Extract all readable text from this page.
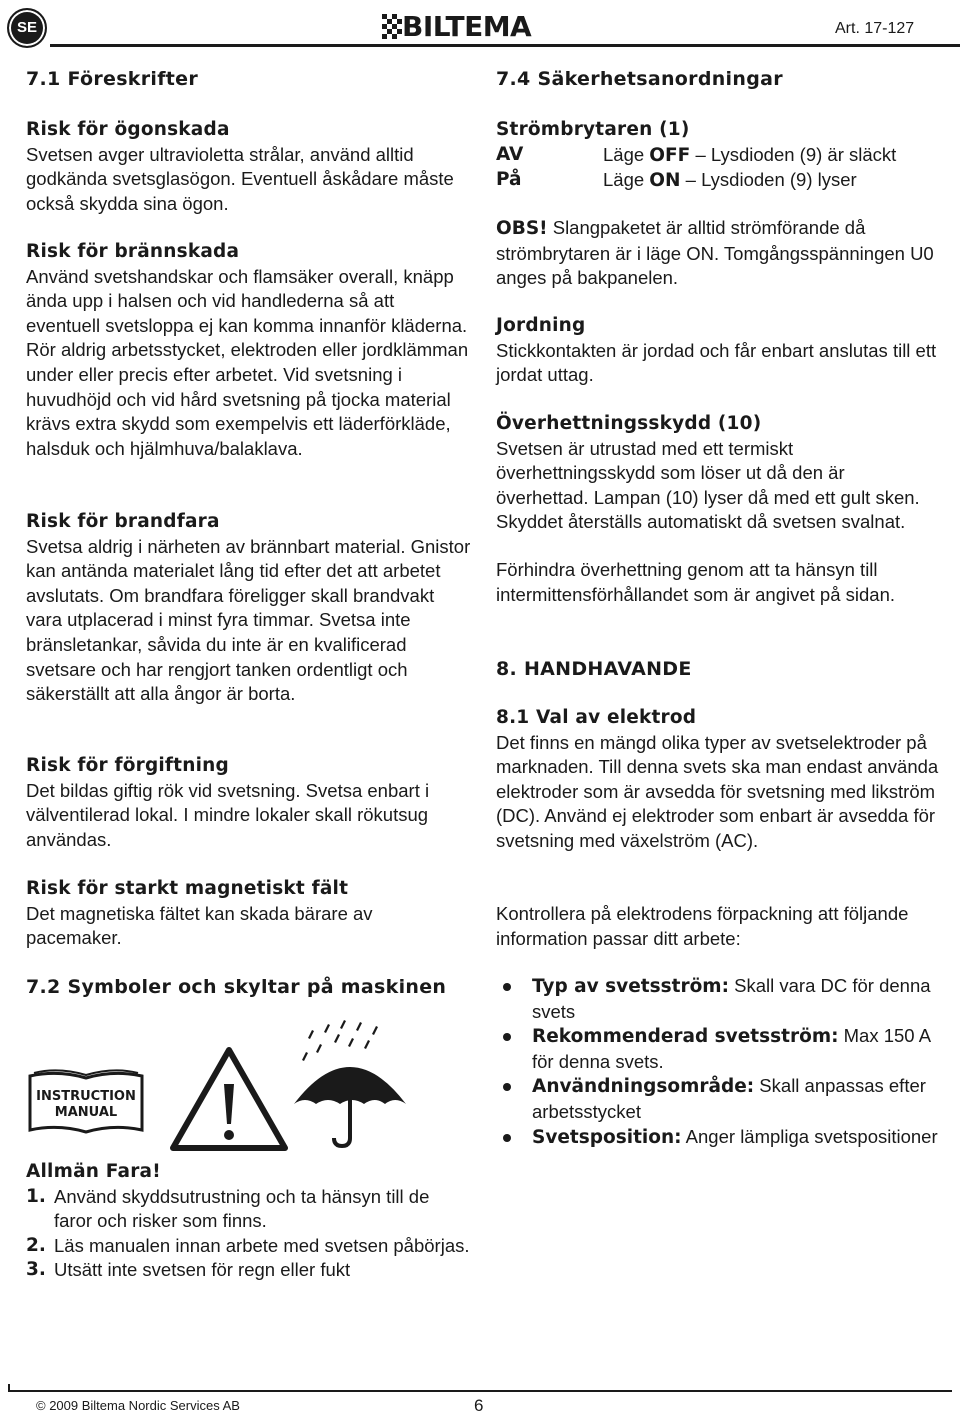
SE	BILTEMA	Art. 17-127

7.1 Föreskrifter

Risk för ögonskada

Svetsen avger ultravioletta strålar, använd alltid godkända svetsglasögon. Eventuell åskådare måste också skydda sina ögon.

Risk för brännskada

Använd svetshandskar och flamsäker overall, knäpp ända upp i halsen och vid handlederna så att eventuell svetsloppa ej kan komma innanför kläderna. Rör aldrig arbetsstycket, elektroden eller jordklämman under eller precis efter arbetet. Vid svetsning i huvudhöjd och vid hård svetsning på tjocka material krävs extra skydd som exempelvis ett läderförkläde, halsduk och hjälmhuva/balaklava.

Risk för brandfara

Svetsa aldrig i närheten av brännbart material. Gnistor kan antända materialet lång tid efter det att arbetet avslutats. Om brandfara föreligger skall brandvakt vara utplacerad i minst fyra timmar. Svetsa inte bränsletankar, såvida du inte är en kvalificerad svetsare och har rengjort tanken ordentligt och säkerställt att alla ångor är borta.

Risk för förgiftning

Det bildas giftig rök vid svetsning. Svetsa enbart i välventilerad lokal. I mindre lokaler skall rökutsug användas.

Risk för starkt magnetiskt fält

Det magnetiska fältet kan skada bärare av pacemaker.

7.2 Symboler och skyltar på maskinen

INSTRUCTION
MANUAL

Allmän Fara!

1. Använd skyddsutrustning och ta hänsyn till de faror och risker som finns.
2. Läs manualen innan arbete med svetsen påbörjas.
3. Utsätt inte svetsen för regn eller fukt

7.4 Säkerhetsanordningar

Strömbrytaren (1)

AV	Läge OFF – Lysdioden (9) är släckt
På	Läge ON – Lysdioden (9) lyser
OBS! Slangpaketet är alltid strömförande då strömbrytaren är i läge ON. Tomgångsspänningen U0 anges på bakpanelen.

Jordning

Stickkontakten är jordad och får enbart anslutas till ett jordat uttag.

Överhettningsskydd (10)

Svetsen är utrustad med ett termiskt överhettningsskydd som löser ut då den är överhettad. Lampan (10) lyser då med ett gult sken. Skyddet återställs automatiskt då svetsen svalnat.

Förhindra överhettning genom att ta hänsyn till intermittensförhållandet som är angivet på sidan.

8. HANDHAVANDE

8.1 Val av elektrod

Det finns en mängd olika typer av svetselektroder på marknaden. Till denna svets ska man endast använda elektroder som är avsedda för svetsning med likström (DC). Använd ej elektroder som enbart är avsedda för svetsning med växelström (AC).

Kontrollera på elektrodens förpackning att följande information passar ditt arbete:

Typ av svetsström: Skall vara DC för denna svets
Rekommenderad svetsström: Max 150 A för denna svets.
Användningsområde: Skall anpassas efter arbetsstycket
Svetsposition: Anger lämpliga svetspositioner
© 2009 Biltema Nordic Services AB	6
